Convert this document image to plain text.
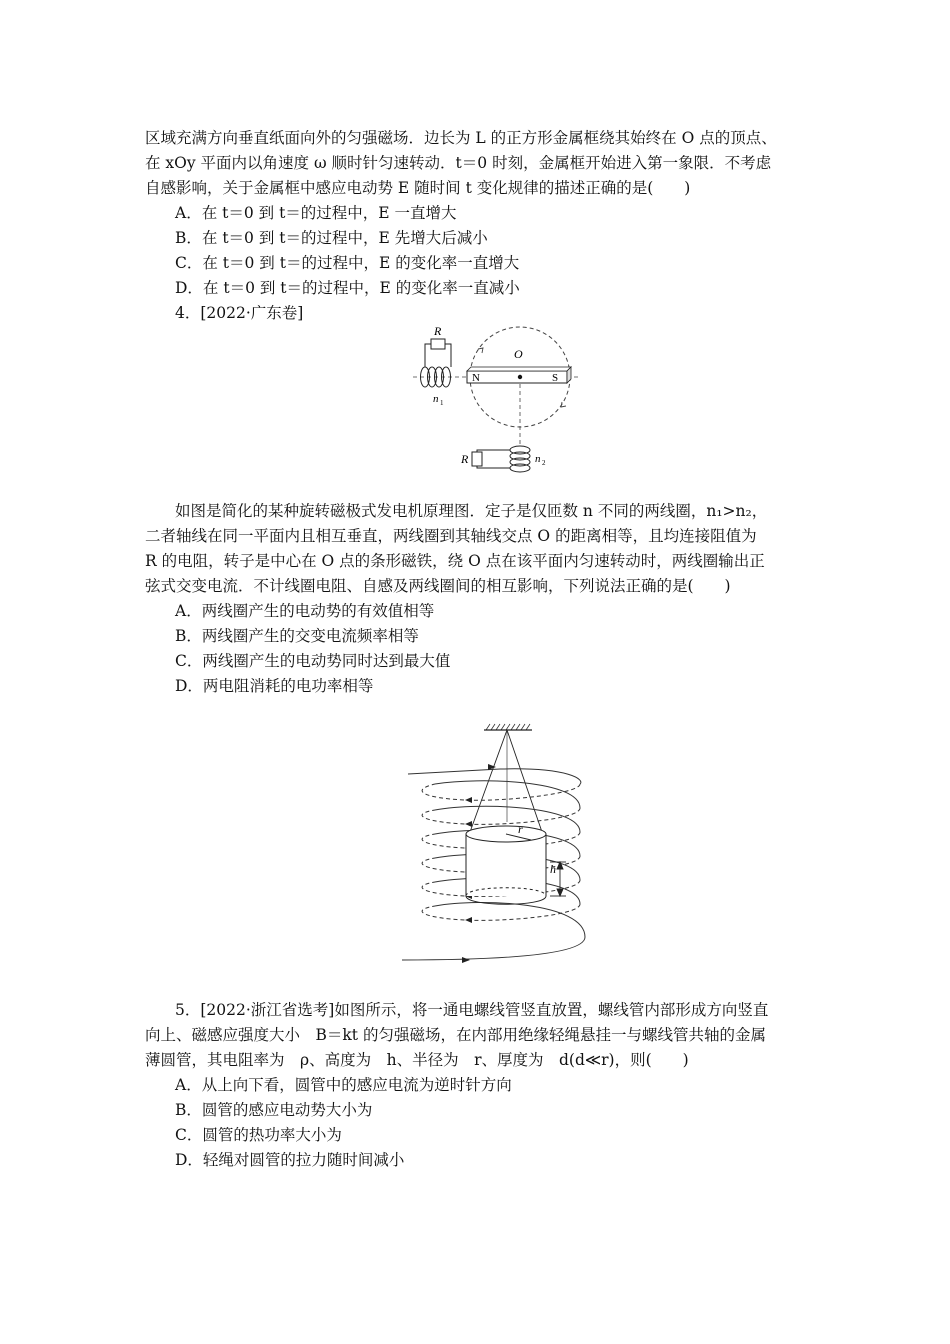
区域充满方向垂直纸面向外的匀强磁场．边长为 L 的正方形金属框绕其始终在 O 点的顶点、
在 xOy 平面内以角速度 ω 顺时针匀速转动．t＝0 时刻，金属框开始进入第一象限．不考虑
自感影响，关于金属框中感应电动势 E 随时间 t 变化规律的描述正确的是(　　)
A．在 t＝0 到 t＝的过程中，E 一直增大
B．在 t＝0 到 t＝的过程中，E 先增大后减小
C．在 t＝0 到 t＝的过程中，E 的变化率一直增大
D．在 t＝0 到 t＝的过程中，E 的变化率一直减小
4．[2022·广东卷]
N	S
O
R
n 1
R	n 2
如图是简化的某种旋转磁极式发电机原理图．定子是仅匝数 n 不同的两线圈，n₁>n₂，
二者轴线在同一平面内且相互垂直，两线圈到其轴线交点 O 的距离相等，且均连接阻值为
R 的电阻，转子是中心在 O 点的条形磁铁，绕 O 点在该平面内匀速转动时，两线圈输出正
弦式交变电流．不计线圈电阻、自感及两线圈间的相互影响，下列说法正确的是(　　)
A．两线圈产生的电动势的有效值相等
B．两线圈产生的交变电流频率相等
C．两线圈产生的电动势同时达到最大值
D．两电阻消耗的电功率相等
r
h
5．[2022·浙江省选考]如图所示，将一通电螺线管竖直放置，螺线管内部形成方向竖直
向上、磁感应强度大小　B＝kt 的匀强磁场，在内部用绝缘轻绳悬挂一与螺线管共轴的金属
薄圆管，其电阻率为　ρ、高度为　h、半径为　r、厚度为　d(d≪r)，则(　　)
A．从上向下看，圆管中的感应电流为逆时针方向
B．圆管的感应电动势大小为
C．圆管的热功率大小为
D．轻绳对圆管的拉力随时间减小
